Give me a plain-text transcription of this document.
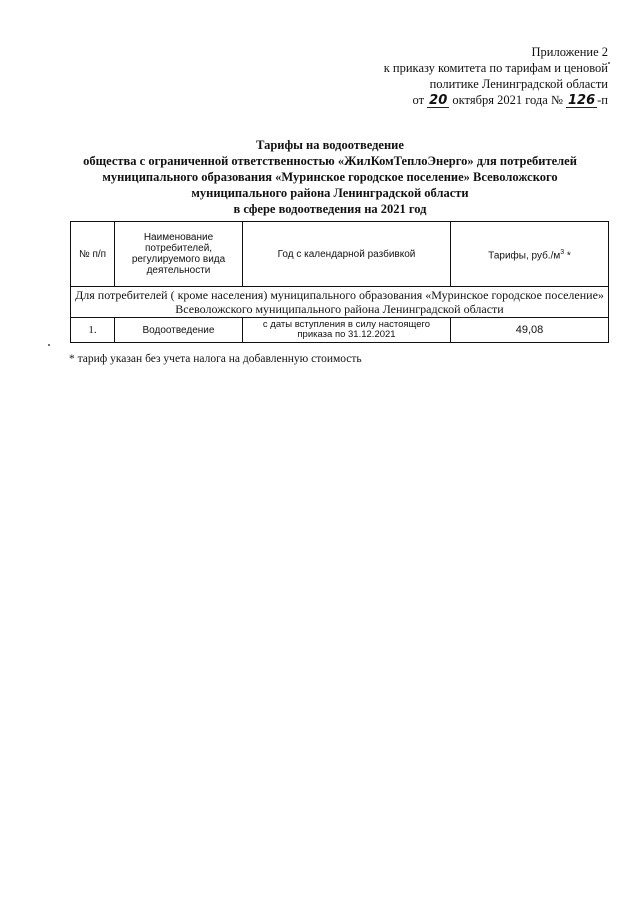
Приложение 2
к приказу комитета по тарифам и ценовой
политике Ленинградской области
от 20 октября 2021 года № 126 -п
Тарифы на водоотведение
общества с ограниченной ответственностью «ЖилКомТеплоЭнерго» для потребителей
муниципального образования «Муринское городское поселение» Всеволожского
муниципального района Ленинградской области
в сфере водоотведения на 2021 год
№ п/п	Наименование потребителей, регулируемого вида деятельности	Год с календарной разбивкой	Тарифы, $руб./м^3$ *

Для потребителей ( кроме населения) муниципального образования «Муринское городское поселение»
Всеволожского муниципального района Ленинградской области			

1.	Водоотведение	с даты вступления в силу настоящего приказа по 31.12.2021	49,08
* тариф указан без учета налога на добавленную стоимость
